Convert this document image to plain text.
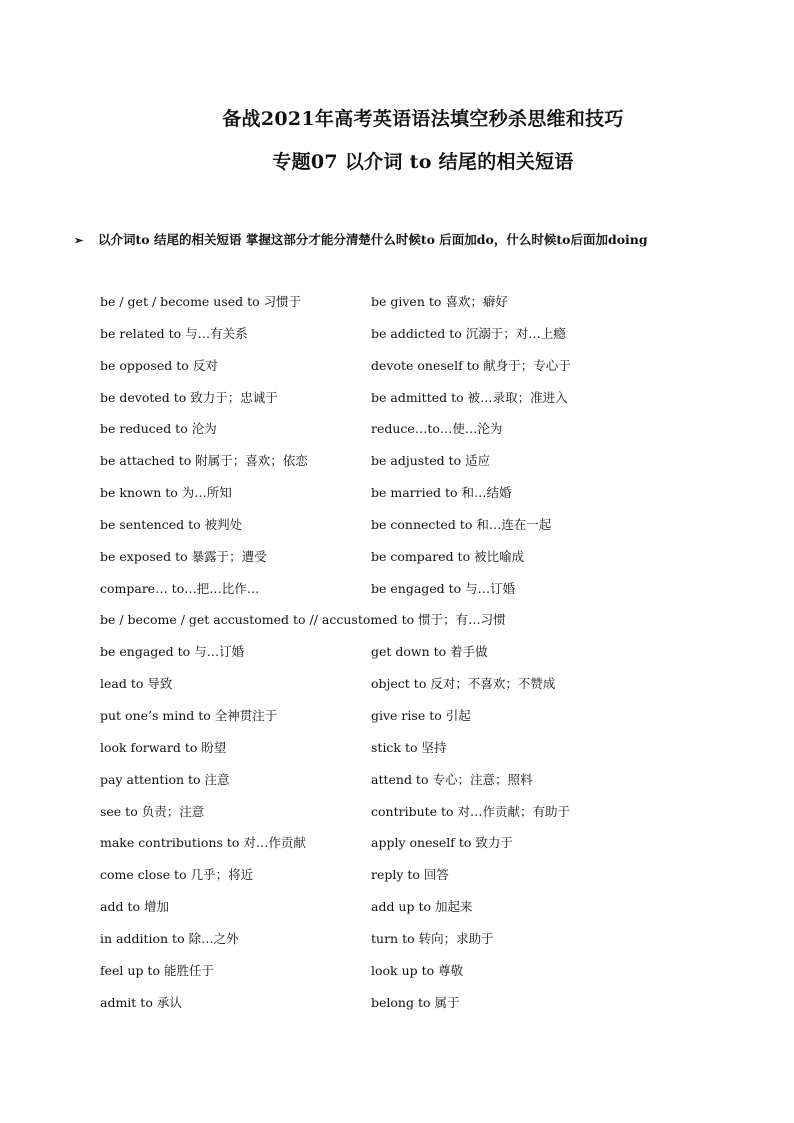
备战2021年高考英语语法填空秒杀思维和技巧
专题07 以介词 to 结尾的相关短语
➢ 以介词to 结尾的相关短语 掌握这部分才能分清楚什么时候to 后面加do，什么时候to后面加doing
be / get / become used to 习惯于	be given to 喜欢；癖好
be related to 与…有关系	be addicted to 沉溺于；对…上瘾
be opposed to 反对	devote oneself to 献身于；专心于
be devoted to 致力于；忠诚于	be admitted to 被…录取；准进入
be reduced to 沦为	reduce…to…使…沦为
be attached to 附属于；喜欢；依恋	be adjusted to 适应
be known to 为…所知	be married to 和…结婚
be sentenced to 被判处	be connected to 和…连在一起
be exposed to 暴露于；遭受	be compared to 被比喻成
compare… to…把…比作…	be engaged to 与…订婚
be / become / get accustomed to // accustomed to 惯于；有…习惯
be engaged to 与…订婚	get down to 着手做
lead to 导致	object to 反对；不喜欢；不赞成
put one’s mind to 全神贯注于	give rise to 引起
look forward to 盼望	stick to 坚持
pay attention to 注意	attend to 专心；注意；照料
see to 负责；注意	contribute to 对…作贡献；有助于
make contributions to 对…作贡献	apply oneself to 致力于
come close to 几乎；将近	reply to 回答
add to 增加	add up to 加起来
in addition to 除…之外	turn to 转向；求助于
feel up to 能胜任于	look up to 尊敬
admit to 承认	belong to 属于
